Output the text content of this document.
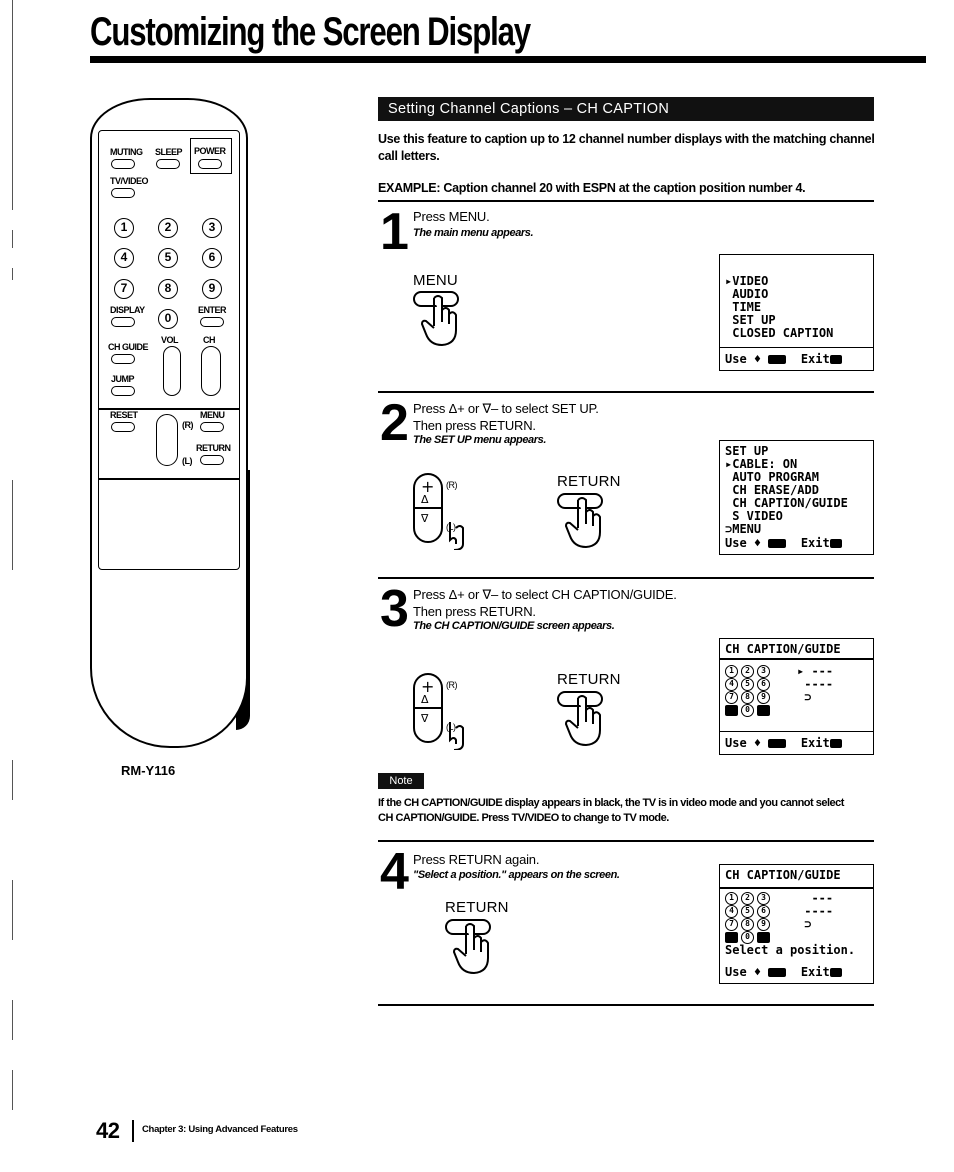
Customizing the Screen Display
MUTING SLEEP POWER
TV/VIDEO
1	2	3
4	5	6
7	8	9
DISPLAY
0
ENTER
CH GUIDE
VOL	CH
JUMP
RESET
(R)
(L)
MENU
RETURN
RM-Y116
Setting Channel Captions – CH CAPTION
Use this feature to caption up to 12 channel number displays with the matching channel call letters.
EXAMPLE: Caption channel 20 with ESPN at the caption position number 4.
1 Press MENU.
The main menu appears.
MENU	▸VIDEO
AUDIO
TIME
SET UP
CLOSED CAPTION
Use ♦	Exit
2 Press Δ+ or ∇– to select SET UP.
Then press RETURN.
The SET UP menu appears.
+
Δ
∇
(R)
(L)
RETURN
SET UP
▸CABLE: ON
AUTO PROGRAM
CH ERASE/ADD
CH CAPTION/GUIDE
S VIDEO
⊃MENU
Use ♦	Exit
3 Press Δ+ or ∇– to select CH CAPTION/GUIDE.
Then press RETURN.
The CH CAPTION/GUIDE screen appears.
+
Δ
∇
(R)
(L)
RETURN
CH CAPTION/GUIDE
1 2 3	▸ ---
4 5 6	----
7 8 9	⊃
0
Use ♦	Exit
Note
If the CH CAPTION/GUIDE display appears in black, the TV is in video mode and you cannot select CH CAPTION/GUIDE. Press TV/VIDEO to change to TV mode.
4 Press RETURN again.
"Select a position." appears on the screen.
RETURN
CH CAPTION/GUIDE
1 2 3	---
4 5 6	----
7 8 9	⊃
0
Select a position.
Use ♦	Exit
42 Chapter 3: Using Advanced Features
